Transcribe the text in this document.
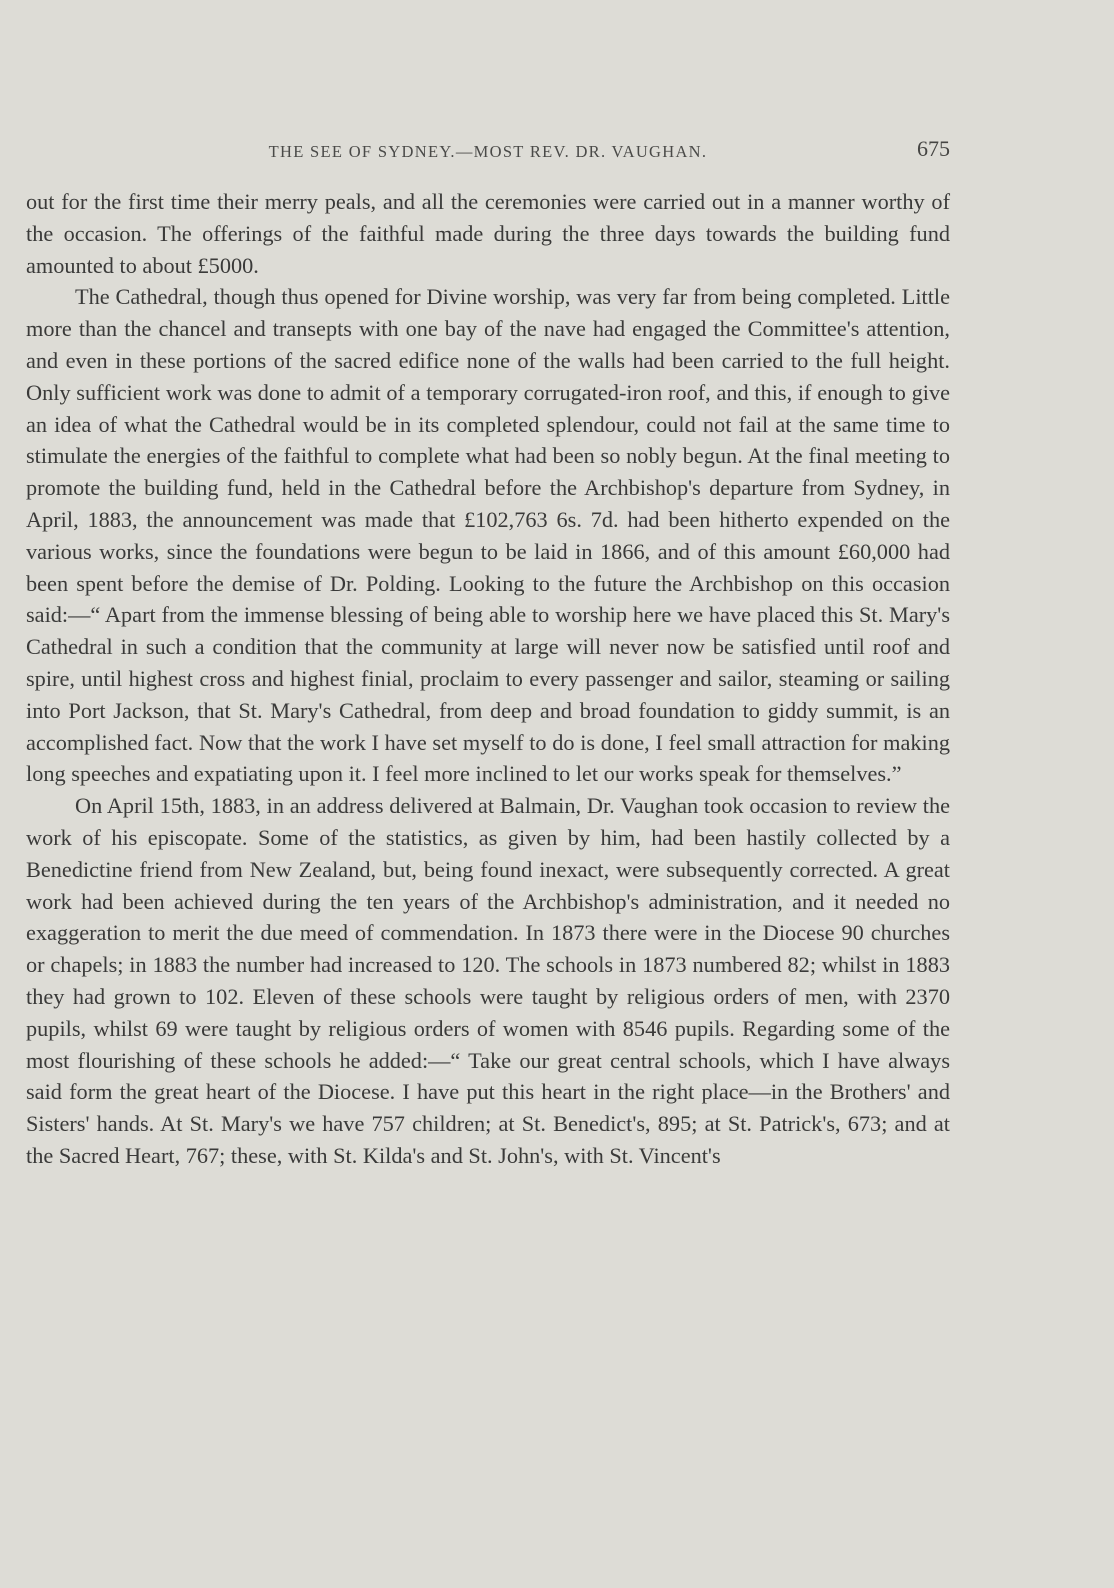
THE SEE OF SYDNEY.—MOST REV. DR. VAUGHAN.	675

out for the first time their merry peals, and all the ceremonies were carried out in a manner worthy of the occasion. The offerings of the faithful made during the three days towards the building fund amounted to about £5000.

The Cathedral, though thus opened for Divine worship, was very far from being completed. Little more than the chancel and transepts with one bay of the nave had engaged the Committee's attention, and even in these portions of the sacred edifice none of the walls had been carried to the full height. Only sufficient work was done to admit of a temporary corrugated-iron roof, and this, if enough to give an idea of what the Cathedral would be in its completed splendour, could not fail at the same time to stimulate the energies of the faithful to complete what had been so nobly begun. At the final meeting to promote the building fund, held in the Cathedral before the Archbishop's departure from Sydney, in April, 1883, the announcement was made that £102,763 6s. 7d. had been hitherto expended on the various works, since the foundations were begun to be laid in 1866, and of this amount £60,000 had been spent before the demise of Dr. Polding. Looking to the future the Archbishop on this occasion said:—“ Apart from the immense blessing of being able to worship here we have placed this St. Mary's Cathedral in such a condition that the community at large will never now be satisfied until roof and spire, until highest cross and highest finial, proclaim to every passenger and sailor, steaming or sailing into Port Jackson, that St. Mary's Cathedral, from deep and broad foundation to giddy summit, is an accomplished fact. Now that the work I have set myself to do is done, I feel small attraction for making long speeches and expatiating upon it. I feel more inclined to let our works speak for themselves.”

On April 15th, 1883, in an address delivered at Balmain, Dr. Vaughan took occasion to review the work of his episcopate. Some of the statistics, as given by him, had been hastily collected by a Benedictine friend from New Zealand, but, being found inexact, were subsequently corrected. A great work had been achieved during the ten years of the Archbishop's administration, and it needed no exaggeration to merit the due meed of commendation. In 1873 there were in the Diocese 90 churches or chapels; in 1883 the number had increased to 120. The schools in 1873 numbered 82; whilst in 1883 they had grown to 102. Eleven of these schools were taught by religious orders of men, with 2370 pupils, whilst 69 were taught by religious orders of women with 8546 pupils. Regarding some of the most flourishing of these schools he added:—“ Take our great central schools, which I have always said form the great heart of the Diocese. I have put this heart in the right place—in the Brothers' and Sisters' hands. At St. Mary's we have 757 children; at St. Benedict's, 895; at St. Patrick's, 673; and at the Sacred Heart, 767; these, with St. Kilda's and St. John's, with St. Vincent's
